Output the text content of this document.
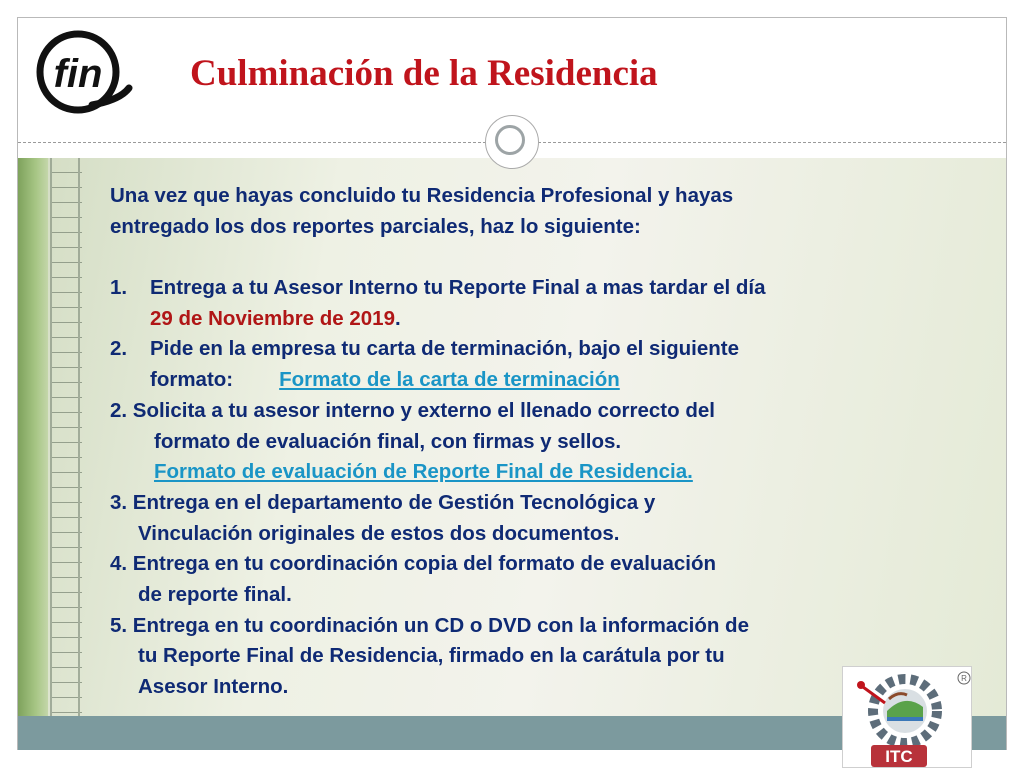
fin Culminación de la Residencia
Una vez que hayas concluido tu Residencia Profesional y hayas
entregado los dos reportes parciales, haz lo siguiente:
1. Entrega a tu Asesor Interno tu Reporte Final a mas tardar el día
29 de Noviembre de 2019.
2. Pide en la empresa tu carta de terminación, bajo el siguiente
formato: Formato de la carta de terminación
2. Solicita a tu asesor interno y externo el llenado correcto del
formato de evaluación final, con firmas y sellos.
Formato de evaluación de Reporte Final de Residencia.
3. Entrega en el departamento de Gestión Tecnológica y
Vinculación originales de estos dos documentos.
4. Entrega en tu coordinación copia del formato de evaluación
de reporte final.
5. Entrega en tu coordinación un CD o DVD con la información de
tu Reporte Final de Residencia, firmado en la carátula por tu
Asesor Interno.	R
ITC
